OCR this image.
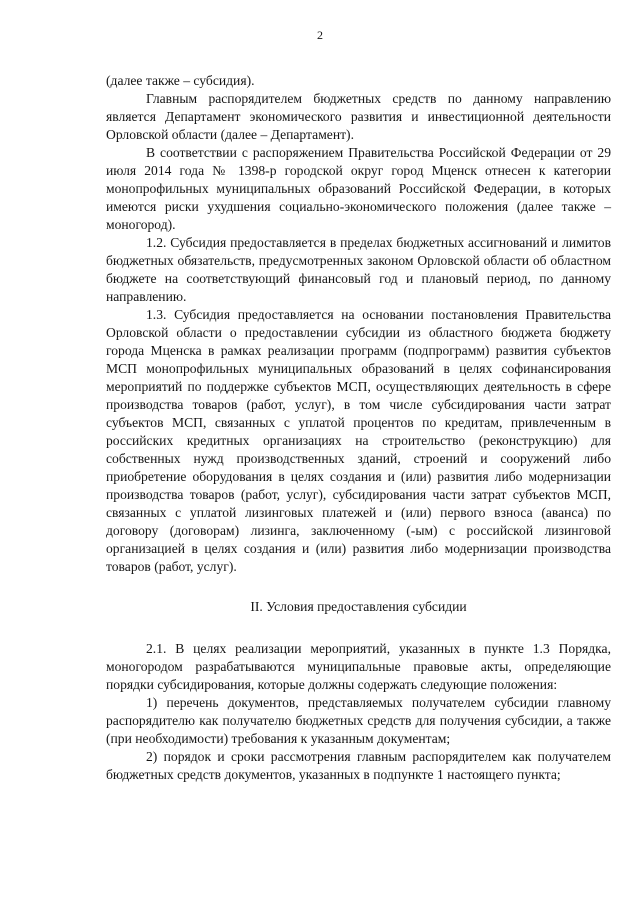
2

(далее также – субсидия).

Главным распорядителем бюджетных средств по данному направлению является Департамент экономического развития и инвестиционной деятельности Орловской области (далее – Департамент).

В соответствии с распоряжением Правительства Российской Федерации от 29 июля 2014 года № 1398-р городской округ город Мценск отнесен к категории монопрофильных муниципальных образований Российской Федерации, в которых имеются риски ухудшения социально-экономического положения (далее также – моногород).

1.2. Субсидия предоставляется в пределах бюджетных ассигнований и лимитов бюджетных обязательств, предусмотренных законом Орловской области об областном бюджете на соответствующий финансовый год и плановый период, по данному направлению.

1.3. Субсидия предоставляется на основании постановления Правительства Орловской области о предоставлении субсидии из областного бюджета бюджету города Мценска в рамках реализации программ (подпрограмм) развития субъектов МСП монопрофильных муниципальных образований в целях софинансирования мероприятий по поддержке субъектов МСП, осуществляющих деятельность в сфере производства товаров (работ, услуг), в том числе субсидирования части затрат субъектов МСП, связанных с уплатой процентов по кредитам, привлеченным в российских кредитных организациях на строительство (реконструкцию) для собственных нужд производственных зданий, строений и сооружений либо приобретение оборудования в целях создания и (или) развития либо модернизации производства товаров (работ, услуг), субсидирования части затрат субъектов МСП, связанных с уплатой лизинговых платежей и (или) первого взноса (аванса) по договору (договорам) лизинга, заключенному (-ым) с российской лизинговой организацией в целях создания и (или) развития либо модернизации производства товаров (работ, услуг).

II. Условия предоставления субсидии

2.1. В целях реализации мероприятий, указанных в пункте 1.3 Порядка, моногородом разрабатываются муниципальные правовые акты, определяющие порядки субсидирования, которые должны содержать следующие положения:

1) перечень документов, представляемых получателем субсидии главному распорядителю как получателю бюджетных средств для получения субсидии, а также (при необходимости) требования к указанным документам;

2) порядок и сроки рассмотрения главным распорядителем как получателем бюджетных средств документов, указанных в подпункте 1 настоящего пункта;
